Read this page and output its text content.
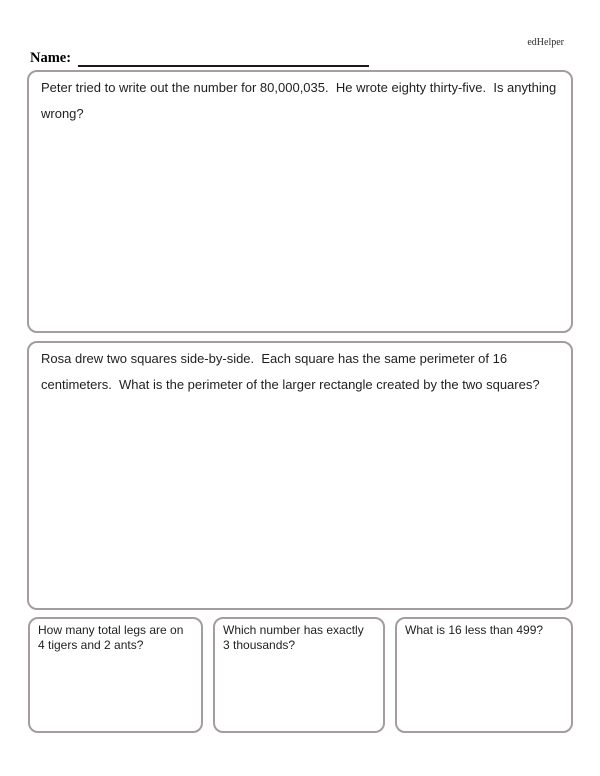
edHelper
Name:
Peter tried to write out the number for 80,000,035.  He wrote eighty thirty-five.  Is anything wrong?
Rosa drew two squares side-by-side.  Each square has the same perimeter of 16 centimeters.  What is the perimeter of the larger rectangle created by the two squares?
How many total legs are on 4 tigers and 2 ants?
Which number has exactly 3 thousands?
What is 16 less than 499?
